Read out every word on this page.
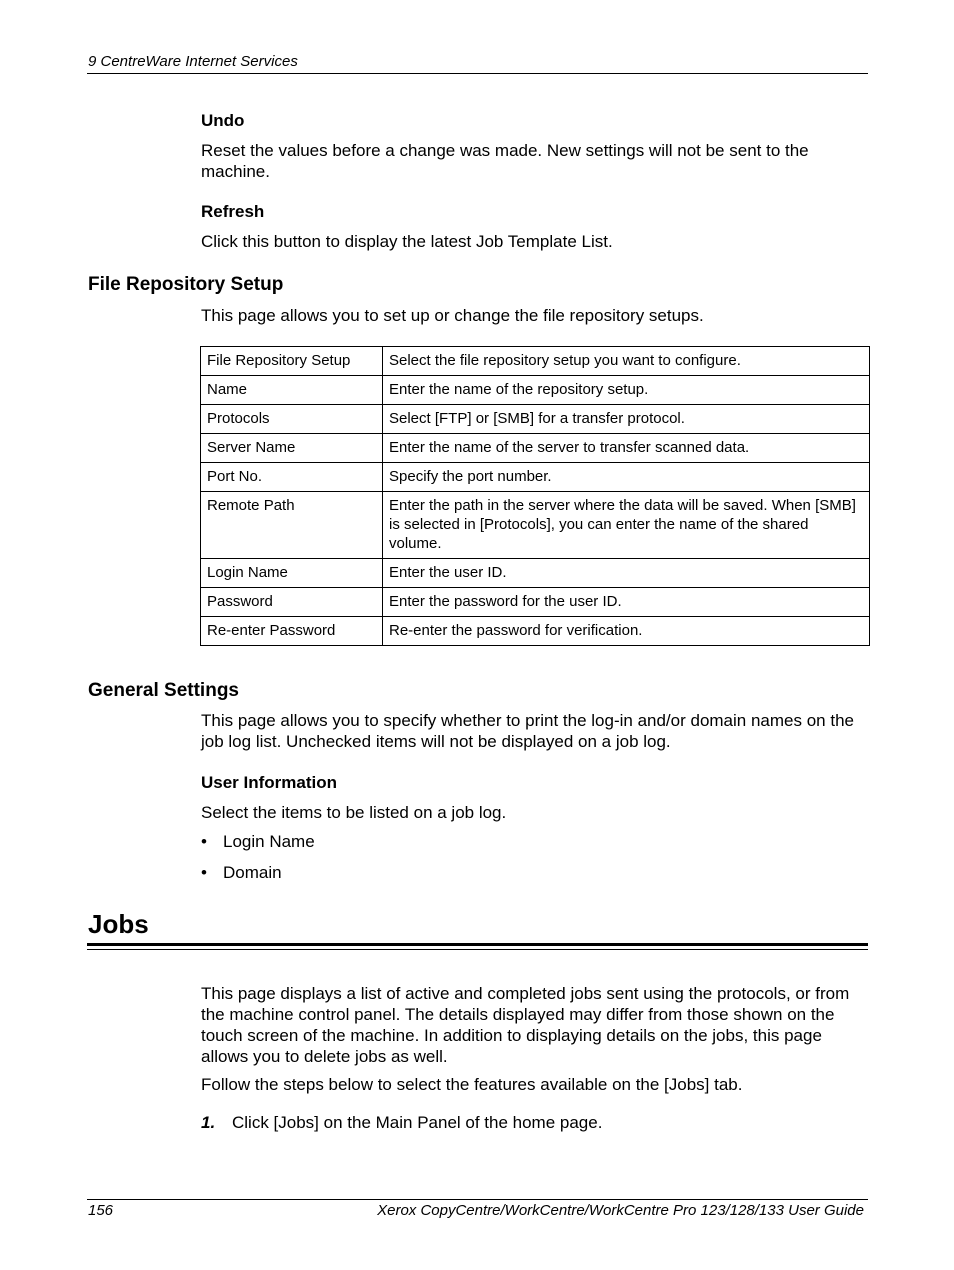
9 CentreWare Internet Services
Undo
Reset the values before a change was made. New settings will not be sent to the machine.
Refresh
Click this button to display the latest Job Template List.
File Repository Setup
This page allows you to set up or change the file repository setups.
File Repository Setup	Select the file repository setup you want to configure.
Name	Enter the name of the repository setup.
Protocols	Select [FTP] or [SMB] for a transfer protocol.
Server Name	Enter the name of the server to transfer scanned data.
Port No.	Specify the port number.
Remote Path	Enter the path in the server where the data will be saved. When [SMB] is selected in [Protocols], you can enter the name of the shared volume.
Login Name	Enter the user ID.
Password	Enter the password for the user ID.
Re-enter Password	Re-enter the password for verification.
General Settings
This page allows you to specify whether to print the log-in and/or domain names on the job log list. Unchecked items will not be displayed on a job log.
User Information
Select the items to be listed on a job log.
• Login Name
• Domain
Jobs
This page displays a list of active and completed jobs sent using the protocols, or from the machine control panel. The details displayed may differ from those shown on the touch screen of the machine. In addition to displaying details on the jobs, this page allows you to delete jobs as well.
Follow the steps below to select the features available on the [Jobs] tab.
1. Click [Jobs] on the Main Panel of the home page.
156	Xerox CopyCentre/WorkCentre/WorkCentre Pro 123/128/133 User Guide
